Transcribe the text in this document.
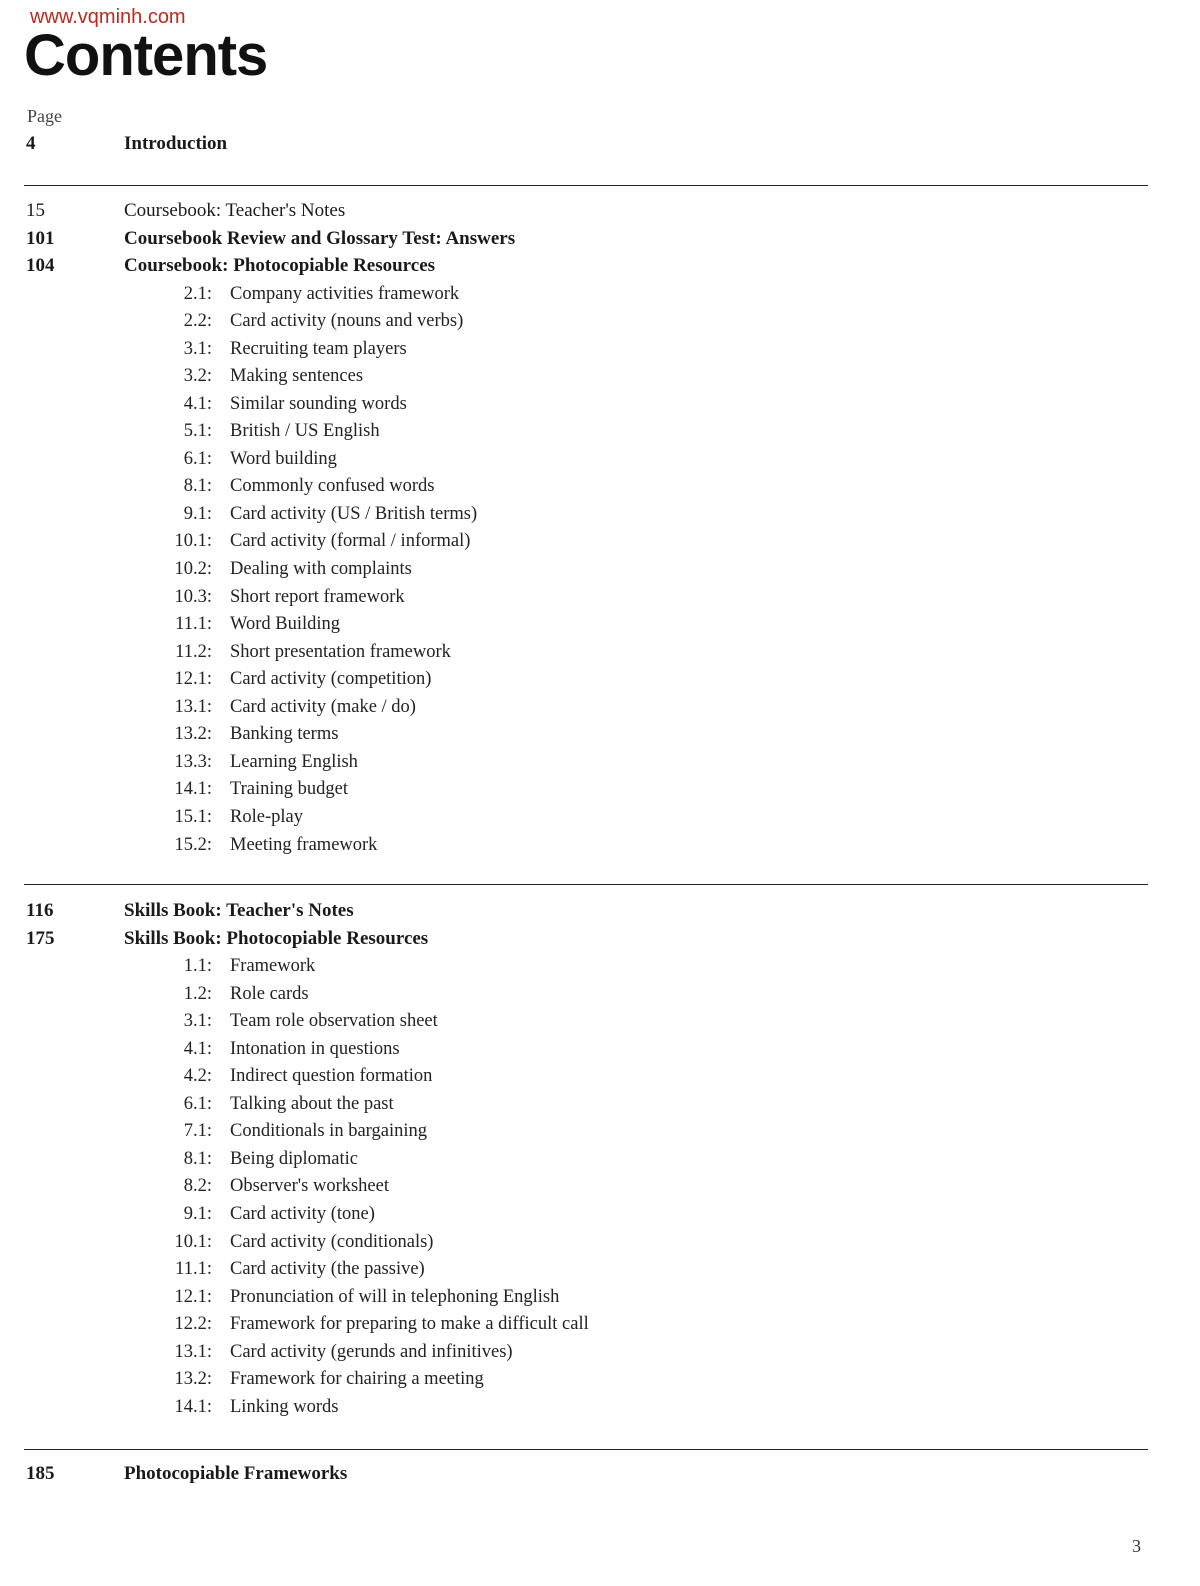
www.vqminh.com
Contents
Page
4	Introduction
15	Coursebook: Teacher's Notes
101	Coursebook Review and Glossary Test: Answers
104	Coursebook: Photocopiable Resources
2.1: Company activities framework
2.2: Card activity (nouns and verbs)
3.1: Recruiting team players
3.2: Making sentences
4.1: Similar sounding words
5.1: British / US English
6.1: Word building
8.1: Commonly confused words
9.1: Card activity (US / British terms)
10.1: Card activity (formal / informal)
10.2: Dealing with complaints
10.3: Short report framework
11.1: Word Building
11.2: Short presentation framework
12.1: Card activity (competition)
13.1: Card activity (make / do)
13.2: Banking terms
13.3: Learning English
14.1: Training budget
15.1: Role-play
15.2: Meeting framework
116	Skills Book: Teacher's Notes
175	Skills Book: Photocopiable Resources
1.1: Framework
1.2: Role cards
3.1: Team role observation sheet
4.1: Intonation in questions
4.2: Indirect question formation
6.1: Talking about the past
7.1: Conditionals in bargaining
8.1: Being diplomatic
8.2: Observer's worksheet
9.1: Card activity (tone)
10.1: Card activity (conditionals)
11.1: Card activity (the passive)
12.1: Pronunciation of will in telephoning English
12.2: Framework for preparing to make a difficult call
13.1: Card activity (gerunds and infinitives)
13.2: Framework for chairing a meeting
14.1: Linking words
185	Photocopiable Frameworks
3
